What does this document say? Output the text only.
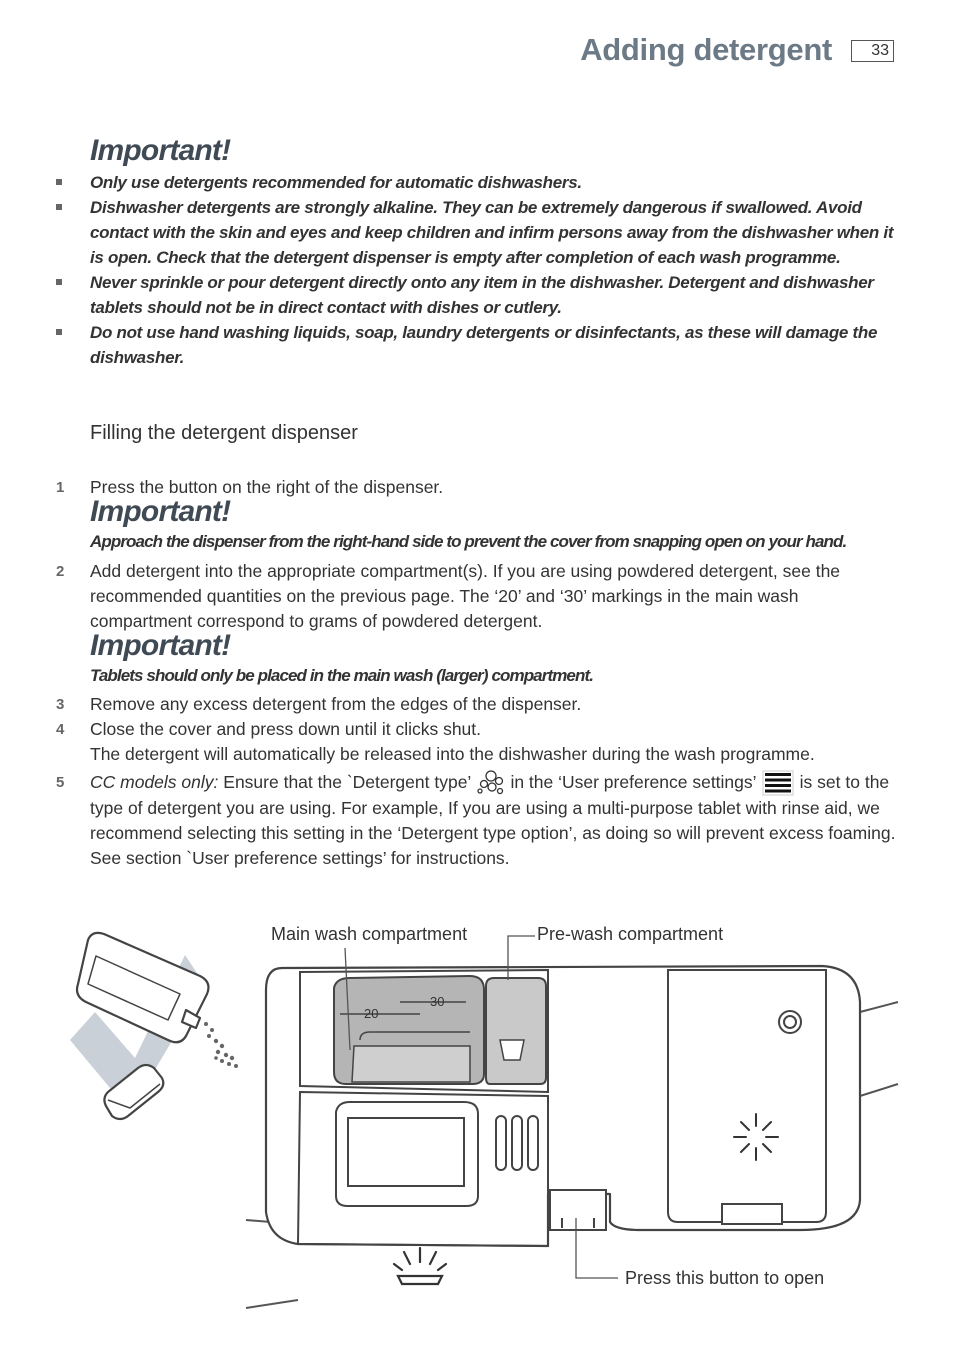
Adding detergent	33
Important!
Only use detergents recommended for automatic dishwashers.
Dishwasher detergents are strongly alkaline. They can be extremely dangerous if swallowed. Avoid contact with the skin and eyes and keep children and infirm persons away from the dishwasher when it is open. Check that the detergent dispenser is empty after completion of each wash programme.
Never sprinkle or pour detergent directly onto any item in the dishwasher. Detergent and dishwasher tablets should not be in direct contact with dishes or cutlery.
Do not use hand washing liquids, soap, laundry detergents or disinfectants, as these will damage the dishwasher.
Filling the detergent dispenser
1 Press the button on the right of the dispenser.
Important!
Approach the dispenser from the right-hand side to prevent the cover from snapping open on your hand.
2 Add detergent into the appropriate compartment(s). If you are using powdered detergent, see the recommended quantities on the previous page. The ‘20’ and ‘30’ markings in the main wash compartment correspond to grams of powdered detergent.
Important!
Tablets should only be placed in the main wash (larger) compartment.
3 Remove any excess detergent from the edges of the dispenser.
4 Close the cover and press down until it clicks shut.
The detergent will automatically be released into the dishwasher during the wash programme.
5 CC models only: Ensure that the `Detergent type’ in the ‘User preference settings’	is set to the type of detergent you are using. For example, If you are using a multi-purpose tablet with rinse aid, we recommend selecting this setting in the ‘Detergent type option’, as doing so will prevent excess foaming. See section `User preference settings’ for instructions.
20
30
Main wash compartment	Pre-wash compartment
Press this button to open
